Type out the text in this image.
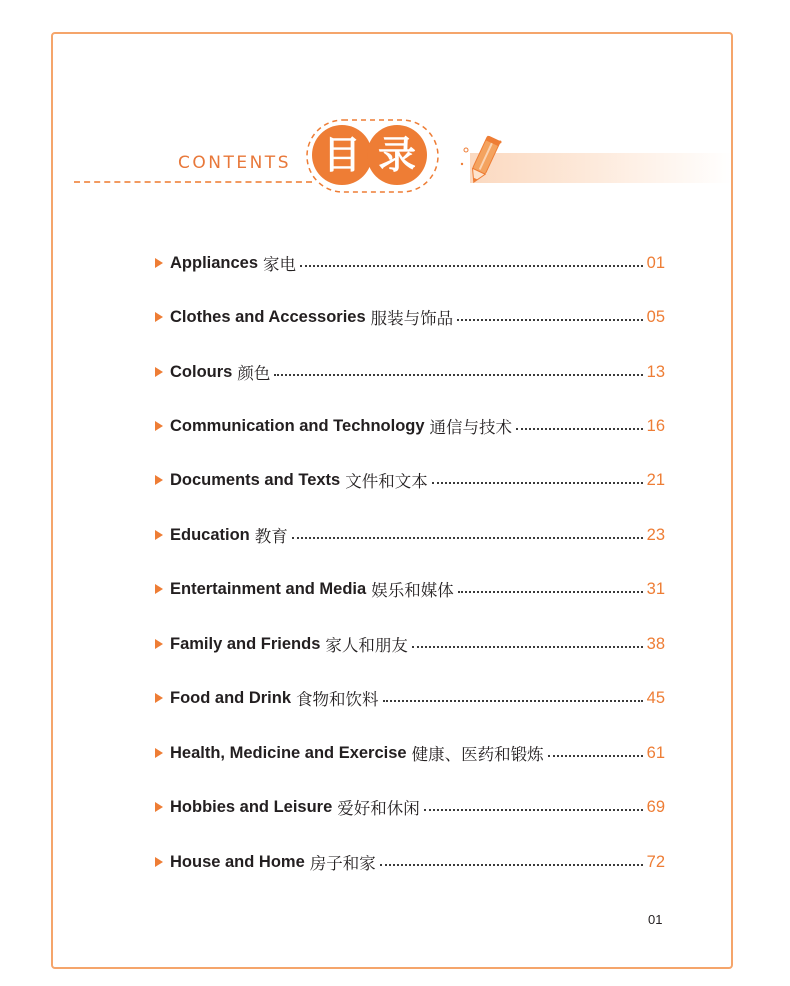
CONTENTS 目 录
Appliances 家电	01
Clothes and Accessories 服装与饰品	05
Colours 颜色	13
Communication and Technology 通信与技术	16
Documents and Texts 文件和文本	21
Education 教育	23
Entertainment and Media 娱乐和媒体	31
Family and Friends 家人和朋友	38
Food and Drink 食物和饮料	45
Health, Medicine and Exercise 健康、医药和锻炼	61
Hobbies and Leisure 爱好和休闲	69
House and Home 房子和家	72
01
